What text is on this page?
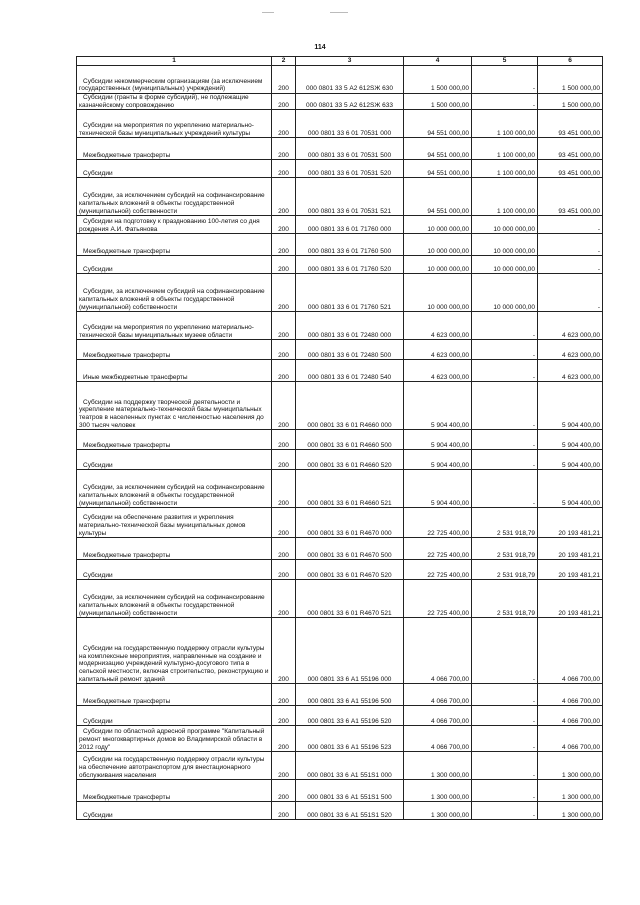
114
1	2	3	4	5	6

Субсидии некоммерческим организациям (за исключением государственных (муниципальных) учреждений)	200	000 0801 33 5 А2 612SЖ 630	1 500 000,00	-	1 500 000,00

Субсидии (гранты в форме субсидий), не подлежащие казначейскому сопровождению	200	000 0801 33 5 А2 612SЖ 633	1 500 000,00	-	1 500 000,00

Субсидии на мероприятия по укреплению материально-технической базы муниципальных учреждений культуры	200	000 0801 33 6 01 70531 000	94 551 000,00	1 100 000,00	93 451 000,00

Межбюджетные трансферты	200	000 0801 33 6 01 70531 500	94 551 000,00	1 100 000,00	93 451 000,00

Субсидии	200	000 0801 33 6 01 70531 520	94 551 000,00	1 100 000,00	93 451 000,00

Субсидии, за исключением субсидий на софинансирование капитальных вложений в объекты государственной (муниципальной) собственности	200	000 0801 33 6 01 70531 521	94 551 000,00	1 100 000,00	93 451 000,00

Субсидии на подготовку к празднованию 100-летия со дня рождения А.И. Фатьянова	200	000 0801 33 6 01 71760 000	10 000 000,00	10 000 000,00	-

Межбюджетные трансферты	200	000 0801 33 6 01 71760 500	10 000 000,00	10 000 000,00	-

Субсидии	200	000 0801 33 6 01 71760 520	10 000 000,00	10 000 000,00	-

Субсидии, за исключением субсидий на софинансирование капитальных вложений в объекты государственной (муниципальной) собственности	200	000 0801 33 6 01 71760 521	10 000 000,00	10 000 000,00	-

Субсидии на мероприятия по укреплению материально-технической базы муниципальных музеев области	200	000 0801 33 6 01 72480 000	4 623 000,00	-	4 623 000,00

Межбюджетные трансферты	200	000 0801 33 6 01 72480 500	4 623 000,00	-	4 623 000,00

Иные межбюджетные трансферты	200	000 0801 33 6 01 72480 540	4 623 000,00	-	4 623 000,00

Субсидии на поддержку творческой деятельности и укрепление материально-технической базы муниципальных театров в населенных пунктах с численностью населения до 300 тысяч человек	200	000 0801 33 6 01 R4660 000	5 904 400,00	-	5 904 400,00

Межбюджетные трансферты	200	000 0801 33 6 01 R4660 500	5 904 400,00	-	5 904 400,00

Субсидии	200	000 0801 33 6 01 R4660 520	5 904 400,00	-	5 904 400,00

Субсидии, за исключением субсидий на софинансирование капитальных вложений в объекты государственной (муниципальной) собственности	200	000 0801 33 6 01 R4660 521	5 904 400,00	-	5 904 400,00

Субсидии на обеспечение развития и укрепления материально-технической базы муниципальных домов культуры	200	000 0801 33 6 01 R4670 000	22 725 400,00	2 531 918,79	20 193 481,21

Межбюджетные трансферты	200	000 0801 33 6 01 R4670 500	22 725 400,00	2 531 918,79	20 193 481,21

Субсидии	200	000 0801 33 6 01 R4670 520	22 725 400,00	2 531 918,79	20 193 481,21

Субсидии, за исключением субсидий на софинансирование капитальных вложений в объекты государственной (муниципальной) собственности	200	000 0801 33 6 01 R4670 521	22 725 400,00	2 531 918,79	20 193 481,21

Субсидии на государственную поддержку отрасли культуры на комплексные мероприятия, направленные на создание и модернизацию учреждений культурно-досугового типа в сельской местности, включая строительство, реконструкцию и капитальный ремонт зданий	200	000 0801 33 6 А1 55196 000	4 066 700,00	-	4 066 700,00

Межбюджетные трансферты	200	000 0801 33 6 А1 55196 500	4 066 700,00	-	4 066 700,00

Субсидии	200	000 0801 33 6 А1 55196 520	4 066 700,00	-	4 066 700,00

Субсидии по областной адресной программе "Капитальный ремонт многоквартирных домов во Владимирской области в 2012 году"	200	000 0801 33 6 А1 55196 523	4 066 700,00	-	4 066 700,00

Субсидии на государственную поддержку отрасли культуры на обеспечение автотранспортом для внестационарного обслуживания населения	200	000 0801 33 6 А1 551S1 000	1 300 000,00	-	1 300 000,00

Межбюджетные трансферты	200	000 0801 33 6 А1 551S1 500	1 300 000,00	-	1 300 000,00

Субсидии	200	000 0801 33 6 А1 551S1 520	1 300 000,00	-	1 300 000,00
